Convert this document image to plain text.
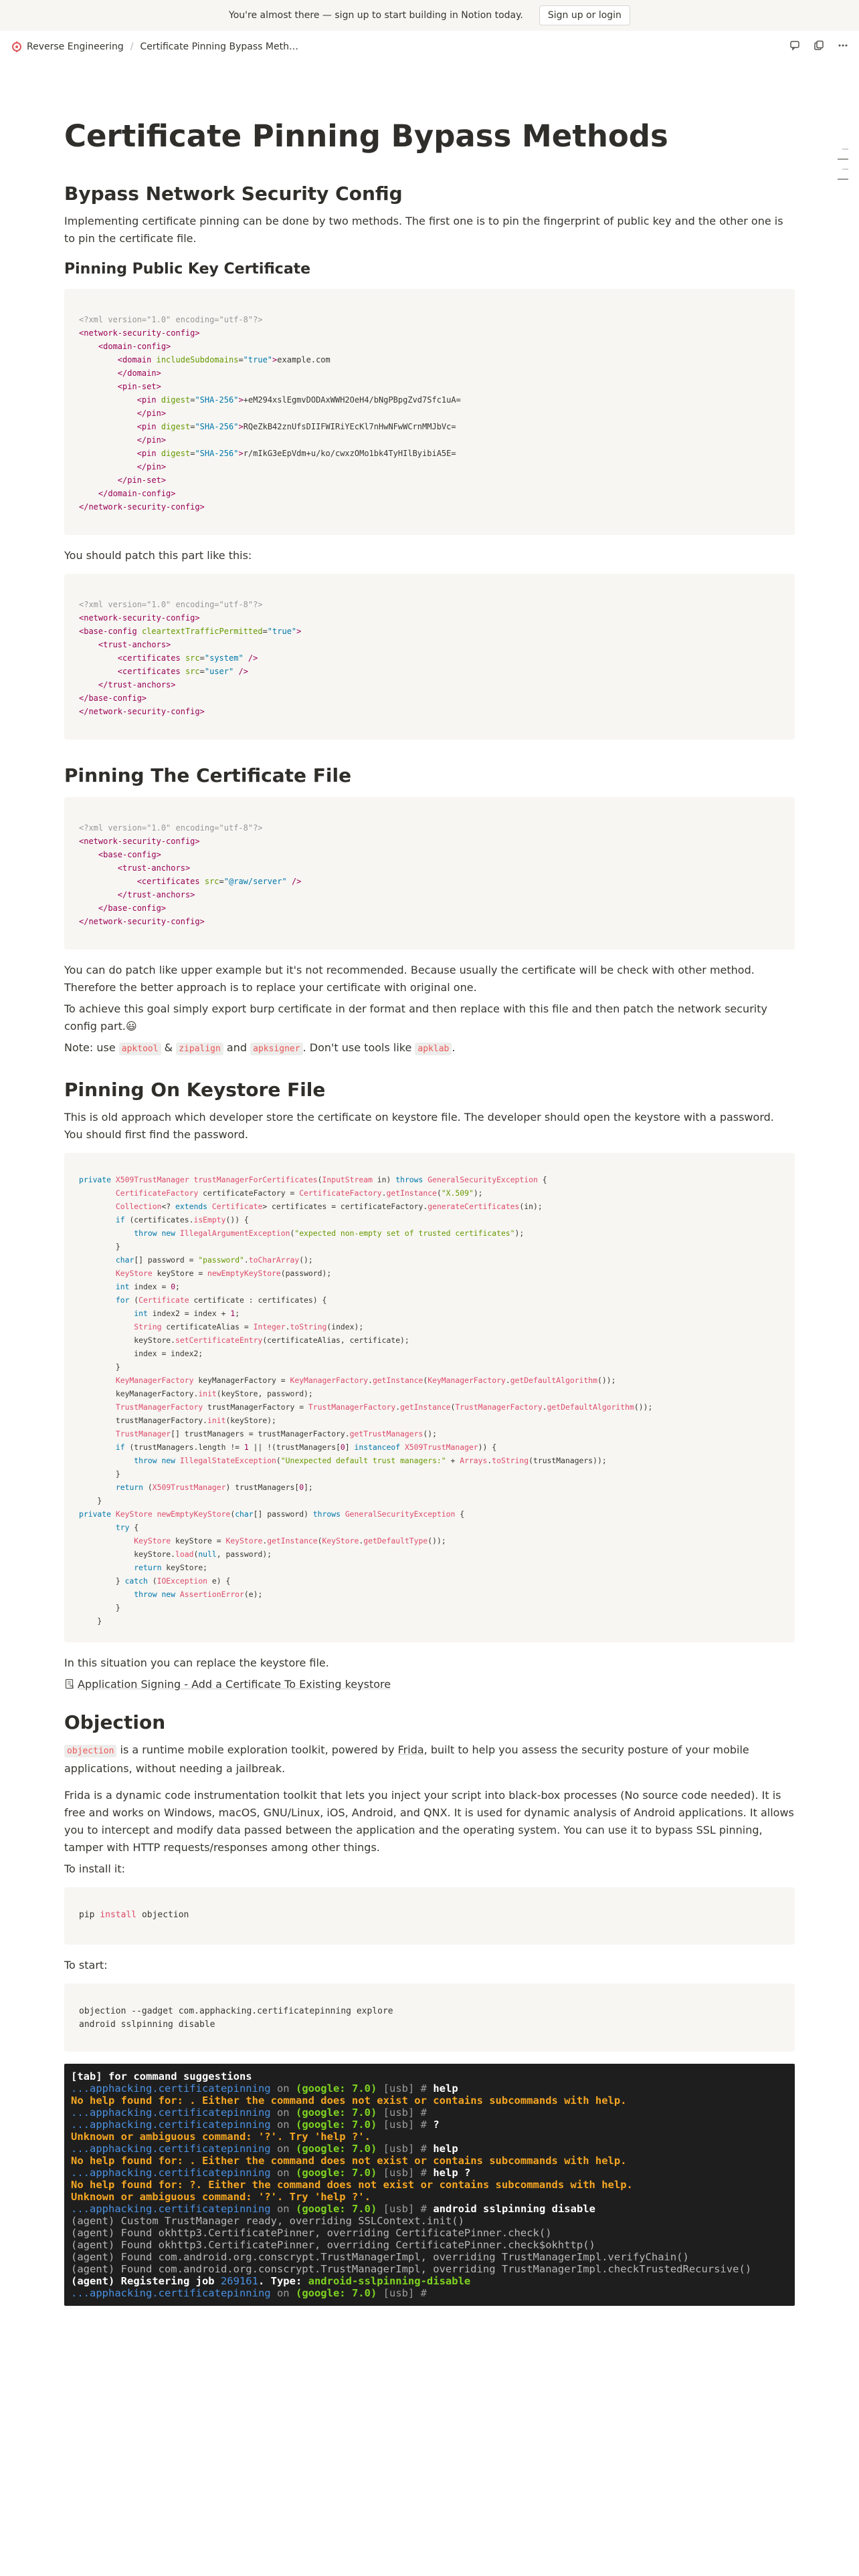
You're almost there — sign up to start building in Notion today.	Sign up or login
Reverse Engineering / Certificate Pinning Bypass Meth…
Certificate Pinning Bypass Methods
Bypass Network Security Config

Implementing certificate pinning can be done by two methods. The first one is to pin the fingerprint of public key and the other one is to pin the certificate file.

Pinning Public Key Certificate
<?xml version="1.0" encoding="utf-8"?>
<network-security-config>
<domain-config>
<domain includeSubdomains="true">example.com
</domain>
<pin-set>
<pin digest="SHA-256">+eM294xslEgmvDODAxWWH2OeH4/bNgPBpgZvd7Sfc1uA=
</pin>
<pin digest="SHA-256">RQeZkB42znUfsDIIFWIRiYEcKl7nHwNFwWCrnMMJbVc=
</pin>
<pin digest="SHA-256">r/mIkG3eEpVdm+u/ko/cwxzOMo1bk4TyHIlByibiA5E=
</pin>
</pin-set>
</domain-config>
</network-security-config>

You should patch this part like this:

<?xml version="1.0" encoding="utf-8"?>
<network-security-config>
<base-config cleartextTrafficPermitted="true">
<trust-anchors>
<certificates src="system" />
<certificates src="user" />
</trust-anchors>
</base-config>
</network-security-config>
Pinning The Certificate File
<?xml version="1.0" encoding="utf-8"?>
<network-security-config>
<base-config>
<trust-anchors>
<certificates src="@raw/server" />
</trust-anchors>
</base-config>
</network-security-config>

You can do patch like upper example but it's not recommended. Because usually the certificate will be check with other method. Therefore the better approach is to replace your certificate with original one.

To achieve this goal simply export burp certificate in der format and then replace with this file and then patch the network security config part.😃

Note: use apktool & zipalign and apksigner . Don't use tools like apklab .

Pinning On Keystore File

This is old approach which developer store the certificate on keystore file. The developer should open the keystore with a password. You should first find the password.

private X509TrustManager trustManagerForCertificates(InputStream in) throws GeneralSecurityException {
CertificateFactory certificateFactory = CertificateFactory.getInstance("X.509");
Collection<? extends Certificate> certificates = certificateFactory.generateCertificates(in);
if (certificates.isEmpty()) {
throw new IllegalArgumentException("expected non-empty set of trusted certificates");
}
char[] password = "password".toCharArray();
KeyStore keyStore = newEmptyKeyStore(password);
int index = 0;
for (Certificate certificate : certificates) {
int index2 = index + 1;
String certificateAlias = Integer.toString(index);
keyStore.setCertificateEntry(certificateAlias, certificate);
index = index2;
}
KeyManagerFactory keyManagerFactory = KeyManagerFactory.getInstance(KeyManagerFactory.getDefaultAlgorithm());
keyManagerFactory.init(keyStore, password);
TrustManagerFactory trustManagerFactory = TrustManagerFactory.getInstance(TrustManagerFactory.getDefaultAlgorithm());
trustManagerFactory.init(keyStore);
TrustManager[] trustManagers = trustManagerFactory.getTrustManagers();
if (trustManagers.length != 1 || !(trustManagers[0] instanceof X509TrustManager)) {
throw new IllegalStateException("Unexpected default trust managers:" + Arrays.toString(trustManagers));
}
return (X509TrustManager) trustManagers[0];
}
private KeyStore newEmptyKeyStore(char[] password) throws GeneralSecurityException {
try {
KeyStore keyStore = KeyStore.getInstance(KeyStore.getDefaultType());
keyStore.load(null, password);
return keyStore;
} catch (IOException e) {
throw new AssertionError(e);
}
}

In this situation you can replace the keystore file.

Application Signing - Add a Certificate To Existing keystore

Objection

objection is a runtime mobile exploration toolkit, powered by Frida, built to help you assess the security posture of your mobile applications, without needing a jailbreak.

Frida is a dynamic code instrumentation toolkit that lets you inject your script into black-box processes (No source code needed). It is free and works on Windows, macOS, GNU/Linux, iOS, Android, and QNX. It is used for dynamic analysis of Android applications. It allows you to intercept and modify data passed between the application and the operating system. You can use it to bypass SSL pinning, tamper with HTTP requests/responses among other things.

To install it:

pip install objection

To start:

objection --gadget com.apphacking.certificatepinning explore
android sslpinning disable
[tab] for command suggestions
...apphacking.certificatepinning on (google: 7.0) [usb] # help
No help found for: . Either the command does not exist or contains subcommands with help.
...apphacking.certificatepinning on (google: 7.0) [usb] #
...apphacking.certificatepinning on (google: 7.0) [usb] # ?
Unknown or ambiguous command: '?'. Try 'help ?'.
...apphacking.certificatepinning on (google: 7.0) [usb] # help
No help found for: . Either the command does not exist or contains subcommands with help.
...apphacking.certificatepinning on (google: 7.0) [usb] # help ?
No help found for: ?. Either the command does not exist or contains subcommands with help.
Unknown or ambiguous command: '?'. Try 'help ?'.
...apphacking.certificatepinning on (google: 7.0) [usb] # android sslpinning disable
(agent) Custom TrustManager ready, overriding SSLContext.init()
(agent) Found okhttp3.CertificatePinner, overriding CertificatePinner.check()
(agent) Found okhttp3.CertificatePinner, overriding CertificatePinner.check$okhttp()
(agent) Found com.android.org.conscrypt.TrustManagerImpl, overriding TrustManagerImpl.verifyChain()
(agent) Found com.android.org.conscrypt.TrustManagerImpl, overriding TrustManagerImpl.checkTrustedRecursive()
(agent) Registering job 269161. Type: android-sslpinning-disable
...apphacking.certificatepinning on (google: 7.0) [usb] #
